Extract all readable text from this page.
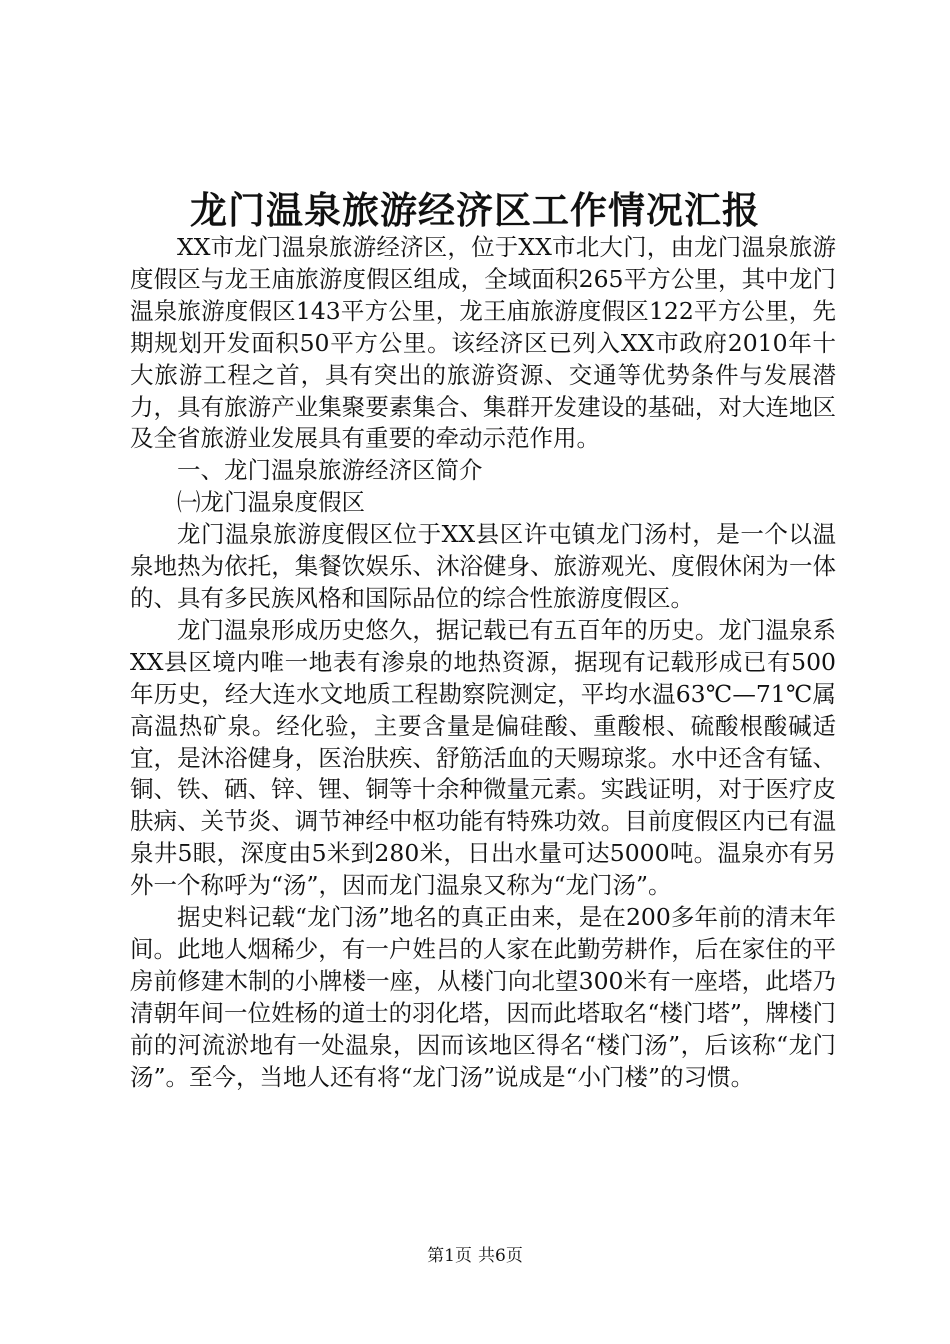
龙门温泉旅游经济区工作情况汇报

XX市龙门温泉旅游经济区，位于XX市北大门，由龙门温泉旅游度假区与龙王庙旅游度假区组成，全域面积265平方公里，其中龙门温泉旅游度假区143平方公里，龙王庙旅游度假区122平方公里，先期规划开发面积50平方公里。该经济区已列入XX市政府2010年十大旅游工程之首，具有突出的旅游资源、交通等优势条件与发展潜力，具有旅游产业集聚要素集合、集群开发建设的基础，对大连地区及全省旅游业发展具有重要的牵动示范作用。

一、龙门温泉旅游经济区简介

㈠龙门温泉度假区

龙门温泉旅游度假区位于XX县区许屯镇龙门汤村，是一个以温泉地热为依托，集餐饮娱乐、沐浴健身、旅游观光、度假休闲为一体的、具有多民族风格和国际品位的综合性旅游度假区。

龙门温泉形成历史悠久，据记载已有五百年的历史。龙门温泉系XX县区境内唯一地表有渗泉的地热资源，据现有记载形成已有500年历史，经大连水文地质工程勘察院测定，平均水温63℃—71℃属高温热矿泉。经化验，主要含量是偏硅酸、重酸根、硫酸根酸碱适宜，是沐浴健身，医治肤疾、舒筋活血的天赐琼浆。水中还含有锰、铜、铁、硒、锌、锂、铜等十余种微量元素。实践证明，对于医疗皮肤病、关节炎、调节神经中枢功能有特殊功效。目前度假区内已有温泉井5眼，深度由5米到280米，日出水量可达5000吨。温泉亦有另外一个称呼为“汤”，因而龙门温泉又称为“龙门汤”。

据史料记载“龙门汤”地名的真正由来，是在200多年前的清末年间。此地人烟稀少，有一户姓吕的人家在此勤劳耕作，后在家住的平房前修建木制的小牌楼一座，从楼门向北望300米有一座塔，此塔乃清朝年间一位姓杨的道士的羽化塔，因而此塔取名“楼门塔”，牌楼门前的河流淤地有一处温泉，因而该地区得名“楼门汤”，后该称“龙门汤”。至今，当地人还有将“龙门汤”说成是“小门楼”的习惯。

第1页 共6页
